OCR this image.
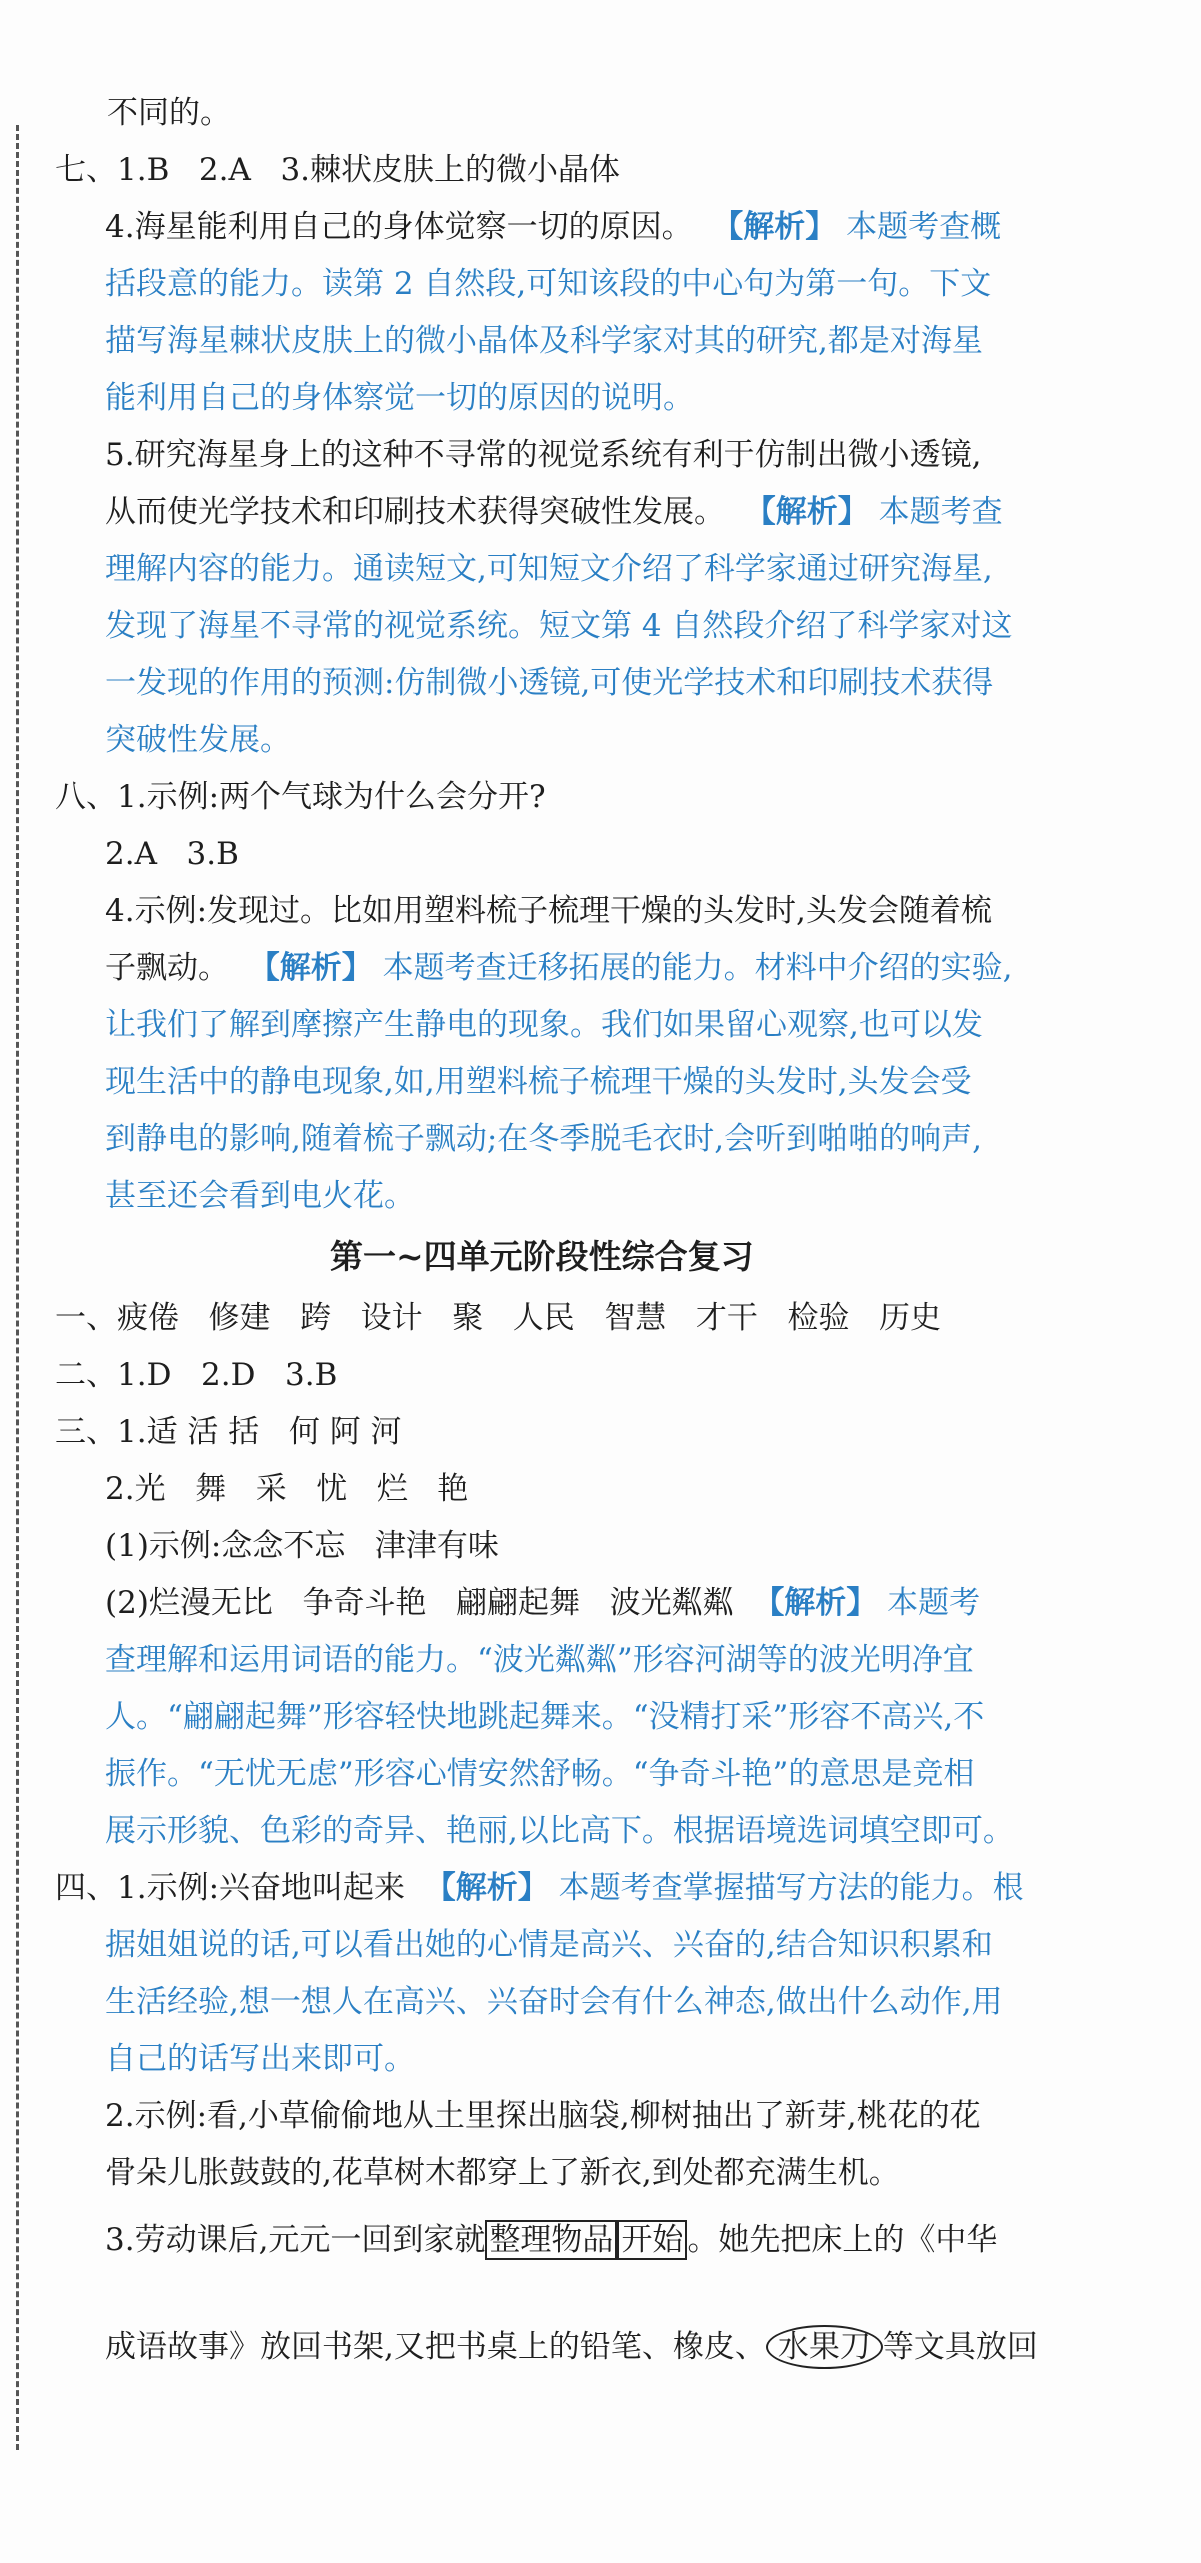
不同的。
七、1.B   2.A   3.棘状皮肤上的微小晶体
4.海星能利用自己的身体觉察一切的原因。  【解析】 本题考查概
括段意的能力。读第 2 自然段,可知该段的中心句为第一句。下文
描写海星棘状皮肤上的微小晶体及科学家对其的研究,都是对海星
能利用自己的身体察觉一切的原因的说明。
5.研究海星身上的这种不寻常的视觉系统有利于仿制出微小透镜,
从而使光学技术和印刷技术获得突破性发展。  【解析】 本题考查
理解内容的能力。通读短文,可知短文介绍了科学家通过研究海星,
发现了海星不寻常的视觉系统。短文第 4 自然段介绍了科学家对这
一发现的作用的预测:仿制微小透镜,可使光学技术和印刷技术获得
突破性发展。
八、1.示例:两个气球为什么会分开?
2.A   3.B
4.示例:发现过。比如用塑料梳子梳理干燥的头发时,头发会随着梳
子飘动。  【解析】 本题考查迁移拓展的能力。材料中介绍的实验,
让我们了解到摩擦产生静电的现象。我们如果留心观察,也可以发
现生活中的静电现象,如,用塑料梳子梳理干燥的头发时,头发会受
到静电的影响,随着梳子飘动;在冬季脱毛衣时,会听到啪啪的响声,
甚至还会看到电火花。
第一~四单元阶段性综合复习
一、疲倦   修建   跨   设计   聚   人民   智慧   才干   检验   历史
二、1.D   2.D   3.B
三、1.适 活 括   何 阿 河
2.光   舞   采   忧   烂   艳
(1)示例:念念不忘   津津有味
(2)烂漫无比   争奇斗艳   翩翩起舞   波光粼粼  【解析】 本题考
查理解和运用词语的能力。“波光粼粼”形容河湖等的波光明净宜
人。“翩翩起舞”形容轻快地跳起舞来。“没精打采”形容不高兴,不
振作。“无忧无虑”形容心情安然舒畅。“争奇斗艳”的意思是竞相
展示形貌、色彩的奇异、艳丽,以比高下。根据语境选词填空即可。
四、1.示例:兴奋地叫起来  【解析】 本题考查掌握描写方法的能力。根
据姐姐说的话,可以看出她的心情是高兴、兴奋的,结合知识积累和
生活经验,想一想人在高兴、兴奋时会有什么神态,做出什么动作,用
自己的话写出来即可。
2.示例:看,小草偷偷地从土里探出脑袋,柳树抽出了新芽,桃花的花
骨朵儿胀鼓鼓的,花草树木都穿上了新衣,到处都充满生机。
3.劳动课后,元元一回到家就 整理物品 开始 。她先把床上的《中华
成语故事》放回书架,又把书桌上的铅笔、橡皮、 水果刀 等文具放回
